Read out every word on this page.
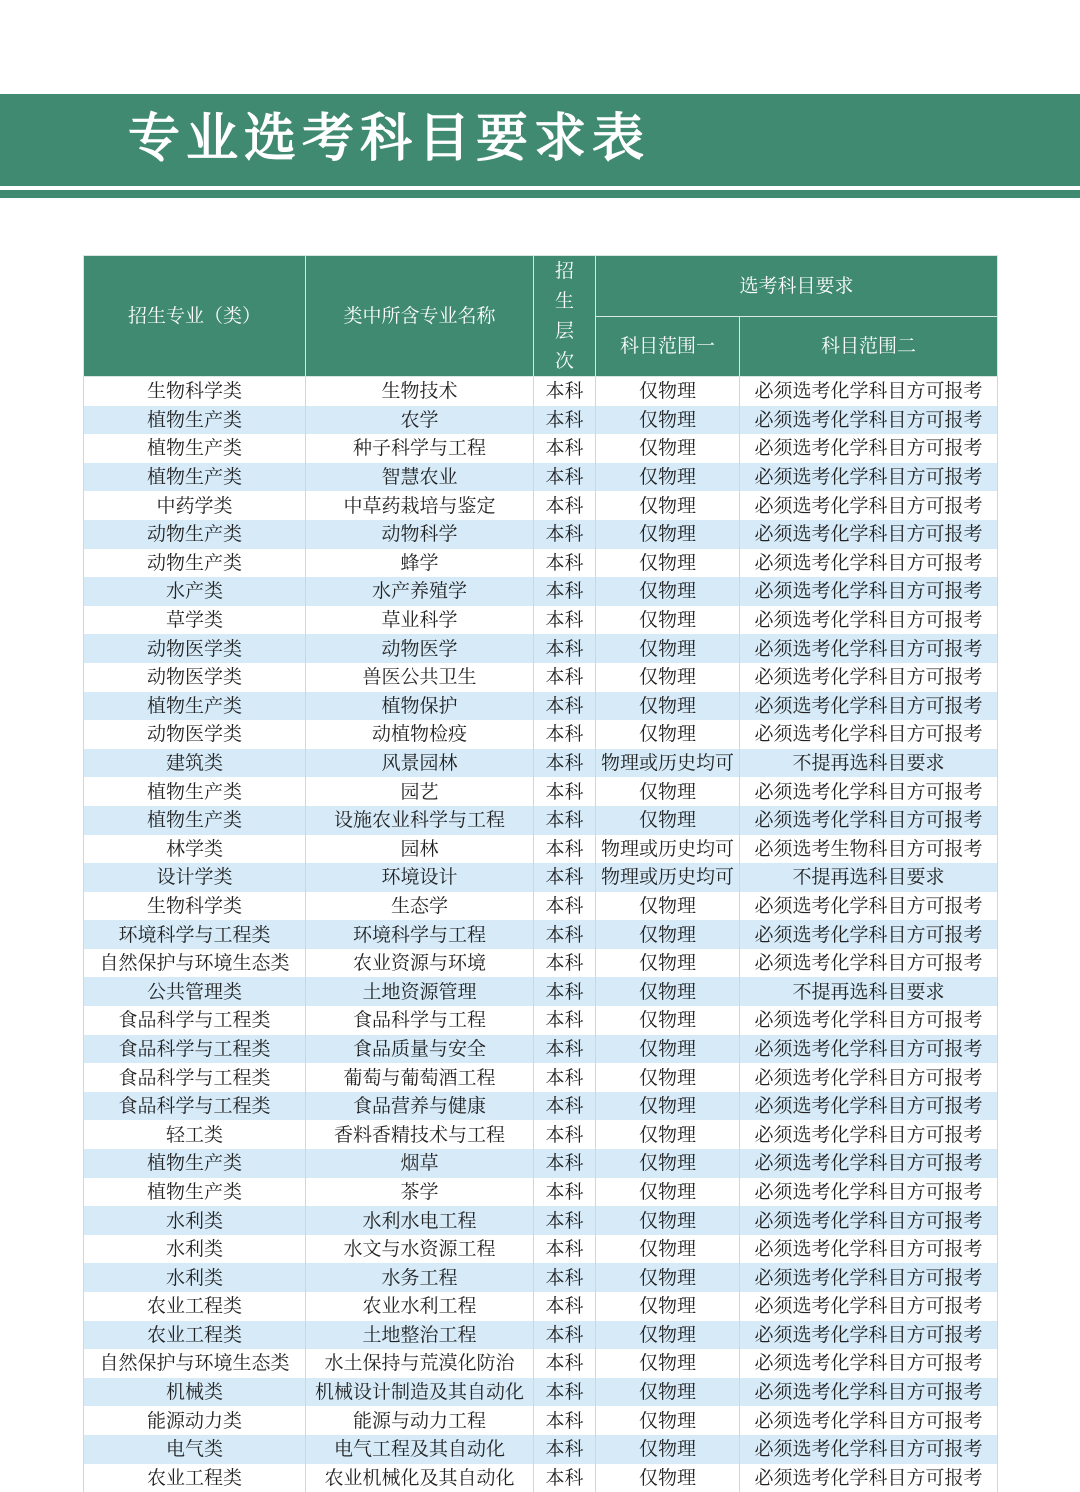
专业选考科目要求表
招生专业（类）	类中所含专业名称	招生层次	选考科目要求	
			科目范围一	科目范围二
生物科学类	生物技术	本科	仅物理	必须选考化学科目方可报考
植物生产类	农学	本科	仅物理	必须选考化学科目方可报考
植物生产类	种子科学与工程	本科	仅物理	必须选考化学科目方可报考
植物生产类	智慧农业	本科	仅物理	必须选考化学科目方可报考
中药学类	中草药栽培与鉴定	本科	仅物理	必须选考化学科目方可报考
动物生产类	动物科学	本科	仅物理	必须选考化学科目方可报考
动物生产类	蜂学	本科	仅物理	必须选考化学科目方可报考
水产类	水产养殖学	本科	仅物理	必须选考化学科目方可报考
草学类	草业科学	本科	仅物理	必须选考化学科目方可报考
动物医学类	动物医学	本科	仅物理	必须选考化学科目方可报考
动物医学类	兽医公共卫生	本科	仅物理	必须选考化学科目方可报考
植物生产类	植物保护	本科	仅物理	必须选考化学科目方可报考
动物医学类	动植物检疫	本科	仅物理	必须选考化学科目方可报考
建筑类	风景园林	本科	物理或历史均可	不提再选科目要求
植物生产类	园艺	本科	仅物理	必须选考化学科目方可报考
植物生产类	设施农业科学与工程	本科	仅物理	必须选考化学科目方可报考
林学类	园林	本科	物理或历史均可	必须选考生物科目方可报考
设计学类	环境设计	本科	物理或历史均可	不提再选科目要求
生物科学类	生态学	本科	仅物理	必须选考化学科目方可报考
环境科学与工程类	环境科学与工程	本科	仅物理	必须选考化学科目方可报考
自然保护与环境生态类	农业资源与环境	本科	仅物理	必须选考化学科目方可报考
公共管理类	土地资源管理	本科	仅物理	不提再选科目要求
食品科学与工程类	食品科学与工程	本科	仅物理	必须选考化学科目方可报考
食品科学与工程类	食品质量与安全	本科	仅物理	必须选考化学科目方可报考
食品科学与工程类	葡萄与葡萄酒工程	本科	仅物理	必须选考化学科目方可报考
食品科学与工程类	食品营养与健康	本科	仅物理	必须选考化学科目方可报考
轻工类	香料香精技术与工程	本科	仅物理	必须选考化学科目方可报考
植物生产类	烟草	本科	仅物理	必须选考化学科目方可报考
植物生产类	茶学	本科	仅物理	必须选考化学科目方可报考
水利类	水利水电工程	本科	仅物理	必须选考化学科目方可报考
水利类	水文与水资源工程	本科	仅物理	必须选考化学科目方可报考
水利类	水务工程	本科	仅物理	必须选考化学科目方可报考
农业工程类	农业水利工程	本科	仅物理	必须选考化学科目方可报考
农业工程类	土地整治工程	本科	仅物理	必须选考化学科目方可报考
自然保护与环境生态类	水土保持与荒漠化防治	本科	仅物理	必须选考化学科目方可报考
机械类	机械设计制造及其自动化	本科	仅物理	必须选考化学科目方可报考
能源动力类	能源与动力工程	本科	仅物理	必须选考化学科目方可报考
电气类	电气工程及其自动化	本科	仅物理	必须选考化学科目方可报考
农业工程类	农业机械化及其自动化	本科	仅物理	必须选考化学科目方可报考
